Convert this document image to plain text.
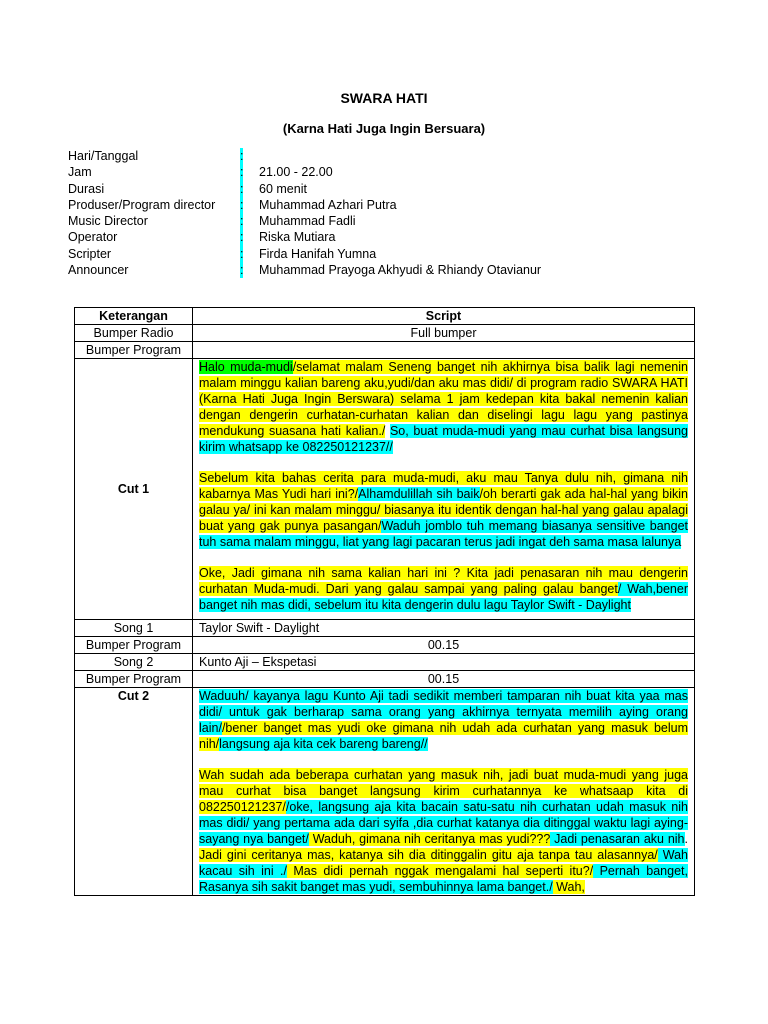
SWARA HATI
(Karna Hati Juga Ingin Bersuara)
Hari/Tanggal	:
Jam	: 21.00 - 22.00
Durasi	: 60 menit
Produser/Program director : Muhammad Azhari Putra
Music Director	: Muhammad Fadli
Operator	: Riska Mutiara
Scripter	: Firda Hanifah Yumna
Announcer	: Muhammad Prayoga Akhyudi & Rhiandy Otavianur
Keterangan	Script
Bumper Radio	Full bumper
Bumper Program	
Cut 1	Halo muda-mudi/selamat malam Seneng banget nih akhirnya bisa balik lagi nemenin malam minggu kalian bareng aku,yudi/dan aku mas didi/ di program radio SWARA HATI (Karna Hati Juga Ingin Berswara) selama 1 jam kedepan kita bakal nemenin kalian dengan dengerin curhatan-curhatan kalian dan diselingi lagu lagu yang pastinya mendukung suasana hati kalian./ So, buat muda-mudi yang mau curhat bisa langsung kirim whatsapp ke 082250121237//

Sebelum kita bahas cerita para muda-mudi, aku mau Tanya dulu nih, gimana nih kabarnya Mas Yudi hari ini?/Alhamdulillah sih baik/oh berarti gak ada hal-hal yang bikin galau ya/ ini kan malam minggu/ biasanya itu identik dengan hal-hal yang galau apalagi buat yang gak punya pasangan/Waduh jomblo tuh memang biasanya sensitive banget tuh sama malam minggu, liat yang lagi pacaran terus jadi ingat deh sama masa lalunya

Oke, Jadi gimana nih sama kalian hari ini ? Kita jadi penasaran nih mau dengerin curhatan Muda-mudi. Dari yang galau sampai yang paling galau banget/ Wah,bener banget nih mas didi, sebelum itu kita dengerin dulu lagu Taylor Swift - Daylight

Song 1	Taylor Swift - Daylight
Bumper Program	00.15
Song 2	Kunto Aji – Ekspetasi
Bumper Program	00.15
Cut 2	Waduuh/ kayanya lagu Kunto Aji tadi sedikit memberi tamparan nih buat kita yaa mas didi/ untuk gak berharap sama orang yang akhirnya ternyata memilih aying orang lain//bener banget mas yudi oke gimana nih udah ada curhatan yang masuk belum nih/langsung aja kita cek bareng bareng//

Wah sudah ada beberapa curhatan yang masuk nih, jadi buat muda-mudi yang juga mau curhat bisa banget langsung kirim curhatannya ke whatsaap kita di 082250121237//oke, langsung aja kita bacain satu-satu nih curhatan udah masuk nih mas didi/ yang pertama ada dari syifa ,dia curhat katanya dia ditinggal waktu lagi aying-sayang nya banget/ Waduh, gimana nih ceritanya mas yudi??? Jadi penasaran aku nih. Jadi gini ceritanya mas, katanya sih dia ditinggalin gitu aja tanpa tau alasannya/ Wah kacau sih ini ./ Mas didi pernah nggak mengalami hal seperti itu?/ Pernah banget, Rasanya sih sakit banget mas yudi, sembuhinnya lama banget./ Wah,
